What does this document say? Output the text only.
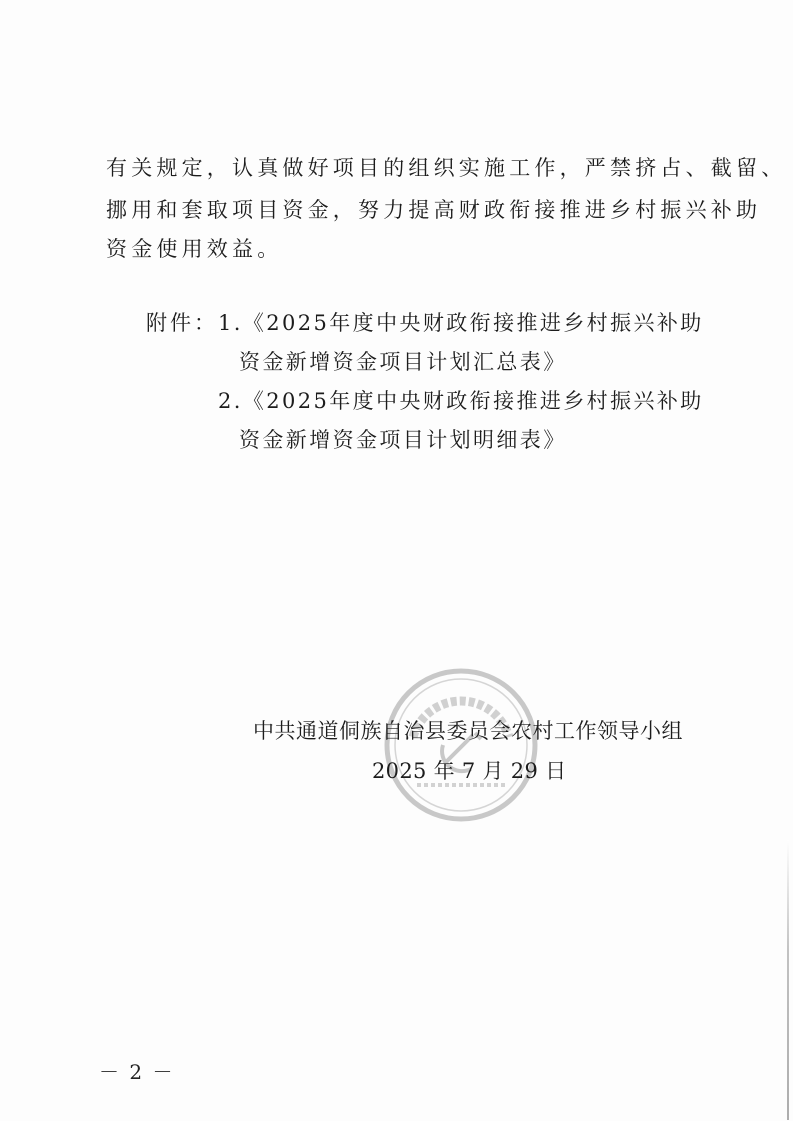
有关规定，认真做好项目的组织实施工作，严禁挤占、截留、
挪用和套取项目资金，努力提高财政衔接推进乡村振兴补助
资金使用效益。
附件： 1.《2025年度中央财政衔接推进乡村振兴补助
资金新增资金项目计划汇总表》
2.《2025年度中央财政衔接推进乡村振兴补助
资金新增资金项目计划明细表》
中共通道侗族自治县委员会农村工作领导小组
2025 年 7 月 29 日
－ 2 －
